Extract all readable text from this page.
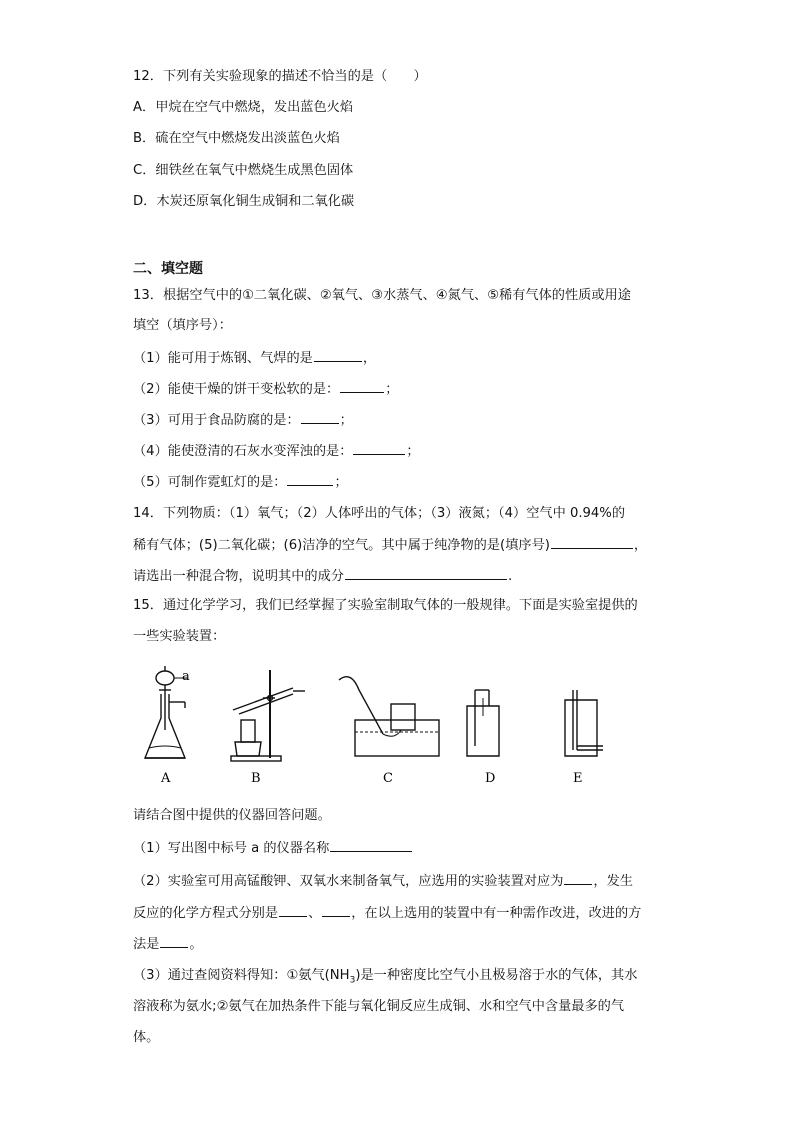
12．下列有关实验现象的描述不恰当的是（　　）
A．甲烷在空气中燃烧，发出蓝色火焰
B．硫在空气中燃烧发出淡蓝色火焰
C．细铁丝在氧气中燃烧生成黑色固体
D．木炭还原氧化铜生成铜和二氧化碳
二、填空题
13．根据空气中的①二氧化碳、②氧气、③水蒸气、④氮气、⑤稀有气体的性质或用途
填空（填序号）：
（1）能可用于炼钢、气焊的是	，
（2）能使干燥的饼干变松软的是：	；
（3）可用于食品防腐的是：	；
（4）能使澄清的石灰水变浑浊的是：	；
（5）可制作霓虹灯的是：	；
14．下列物质：（1）氧气；（2）人体呼出的气体；（3）液氮；（4）空气中 0.94%的
稀有气体；(5)二氧化碳；(6)洁净的空气。其中属于纯净物的是(填序号)	，
请选出一种混合物，说明其中的成分	.
15．通过化学学习，我们已经掌握了实验室制取气体的一般规律。下面是实验室提供的
一些实验装置：
a
A	B	C	D	E
请结合图中提供的仪器回答问题。
（1）写出图中标号 a 的仪器名称
（2）实验室可用高锰酸钾、双氧水来制备氧气，应选用的实验装置对应为 ，发生
反应的化学方程式分别是 、 ，在以上选用的装置中有一种需作改进，改进的方
法是 。
（3）通过查阅资料得知：①氨气$(NH_3)$是一种密度比空气小且极易溶于水的气体，其水
溶液称为氨水;②氨气在加热条件下能与氧化铜反应生成铜、水和空气中含量最多的气
体。
